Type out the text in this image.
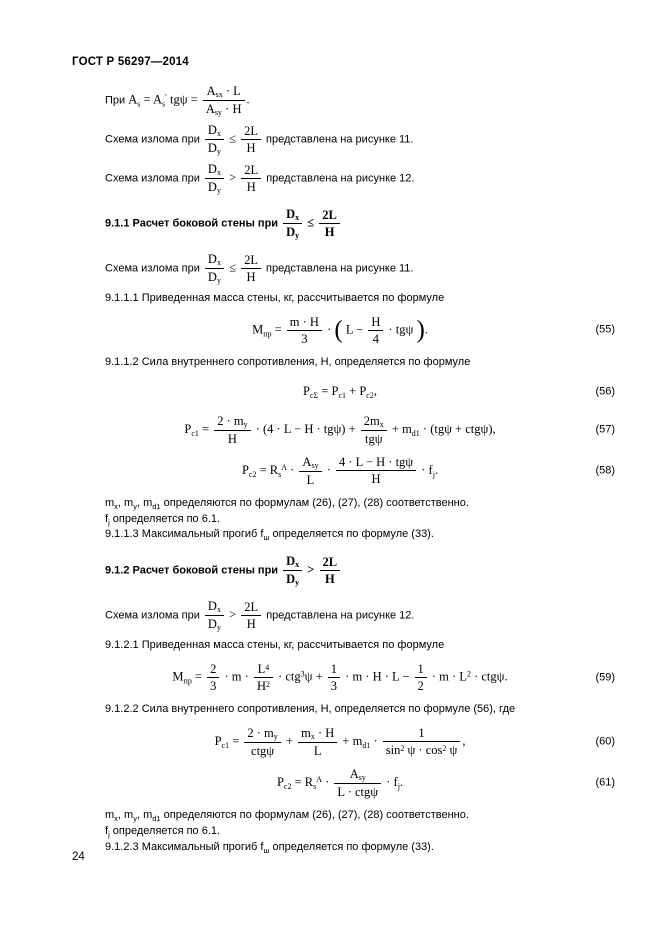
ГОСТ Р 56297—2014
При $A_s = A_s'$ $tg\psi = \frac{A_{sx} \cdot L}{A_{sy} \cdot H}$ .
Схема излома при $\frac{D_x}{D_y} \le \frac{2L}{H}$ представлена на рисунке 11.
Схема излома при $\frac{D_x}{D_y} > \frac{2L}{H}$ представлена на рисунке 12.
9.1.1 Расчет боковой стены при $\frac{D_x}{D_y} \le \frac{2L}{H}$
Схема излома при $\frac{D_x}{D_y} \le \frac{2L}{H}$ представлена на рисунке 11.
9.1.1.1 Приведенная масса стены, кг, рассчитывается по формуле
$M_{пр} = \frac{m \cdot H}{3}$ · ( $L - \frac{H}{4} \cdot tg\psi$ ).	(55)
9.1.1.2 Сила внутреннего сопротивления, Н, определяется по формуле
$P_{c\Sigma} = P_{c1} + P_{c2}$,	(56)
$P_{c1} = \frac{2 \cdot m_y}{H} \cdot (4 \cdot L - H \cdot tg\psi) + \frac{2m_x}{\text{tgψ}} + m_{d1} \cdot (tg\psi + ctg\psi)$,	(57)
$P_{c2} = R_s^A \cdot \frac{A_{sy}}{L} \cdot \frac{\text{4 · L − H · tgψ}}{H} \cdot f_j$.	(58)
$m_x$, $m_y$, $m_{d1}$ определяются по формулам (26), (27), (28) соответственно.
$f_j$ определяется по 6.1.
9.1.1.3 Максимальный прогиб $f_ш$ определяется по формуле (33).
9.1.2 Расчет боковой стены при $\frac{D_x}{D_y} > \frac{2L}{H}$
Схема излома при $\frac{D_x}{D_y} > \frac{2L}{H}$ представлена на рисунке 12.
9.1.2.1 Приведенная масса стены, кг, рассчитывается по формуле
$M_{пр} = \frac{2}{3} \cdot m \cdot \frac{L^4}{H^2} \cdot ctg^3\psi + \frac{1}{3} \cdot m \cdot H \cdot L - \frac{1}{2} \cdot m \cdot L^2 \cdot ctg\psi$.	(59)
9.1.2.2 Сила внутреннего сопротивления, Н, определяется по формуле (56), где
$P_{c1} = \frac{2 \cdot m_y}{\text{ctgψ}} + \frac{m_x \cdot H}{L} + m_{d1} \cdot \frac{1}{\sin^2 \psi \cdot \cos^2 \psi}$ ,	(60)
$P_{c2} = R_s^A \cdot \frac{A_{sy}}{\text{L · ctgψ}} \cdot f_j$.	(61)
$m_x$, $m_y$, $m_{d1}$ определяются по формулам (26), (27), (28) соответственно.
$f_j$ определяется по 6.1.
9.1.2.3 Максимальный прогиб $f_ш$ определяется по формуле (33).
24
